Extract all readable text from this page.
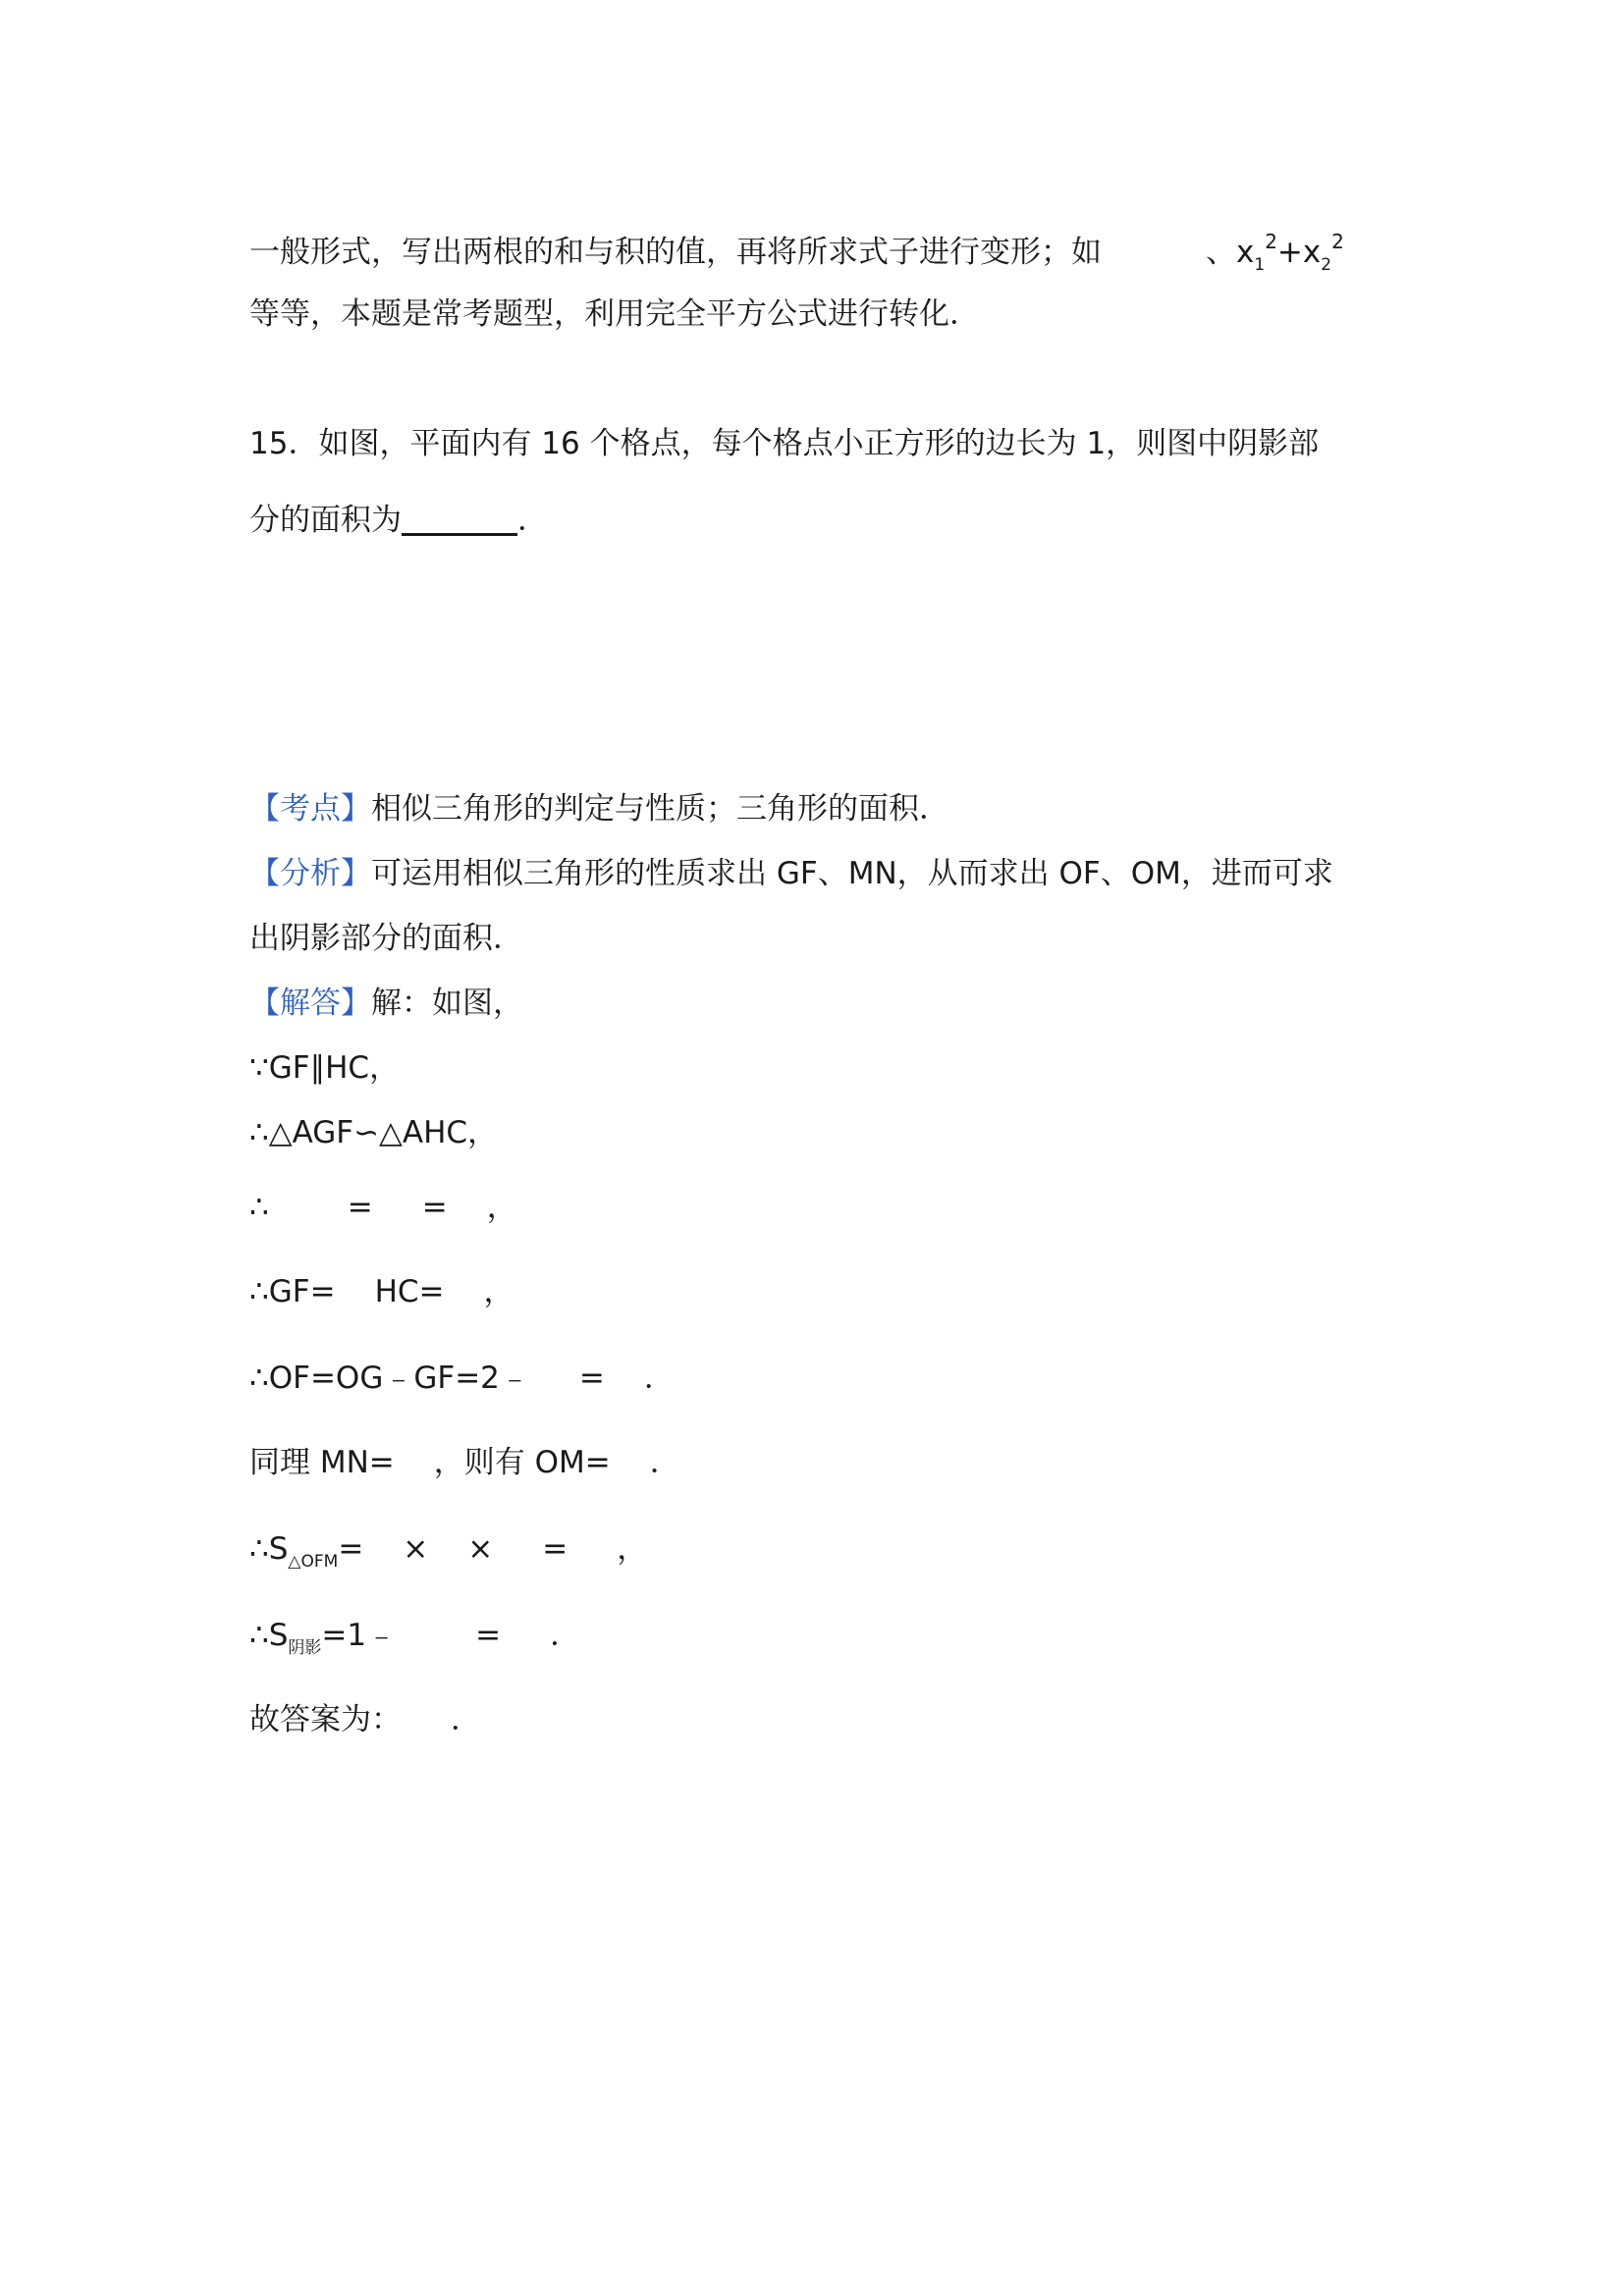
一般形式，写出两根的和与积的值，再将所求式子进行变形；如	、$x_1^2+x_2^2$
等等，本题是常考题型，利用完全平方公式进行转化．
15．如图，平面内有 16 个格点，每个格点小正方形的边长为 1，则图中阴影部
分的面积为	．
【考点】相似三角形的判定与性质；三角形的面积．
【分析】可运用相似三角形的性质求出 GF、MN，从而求出 OF、OM，进而可求
出阴影部分的面积．
【解答】解：如图，
∵GF∥HC，
∴△AGF∽△AHC，
∴	= = ，
∴GF= HC= ，
∴OF=OG﹣GF=2﹣ = ．
同理 MN= ，则有 OM= ．
$\therefore S_{\triangle OFM}=$ × × = ，
$\therefore S_{阴影}=1﹣$	= ．
故答案为： ．
